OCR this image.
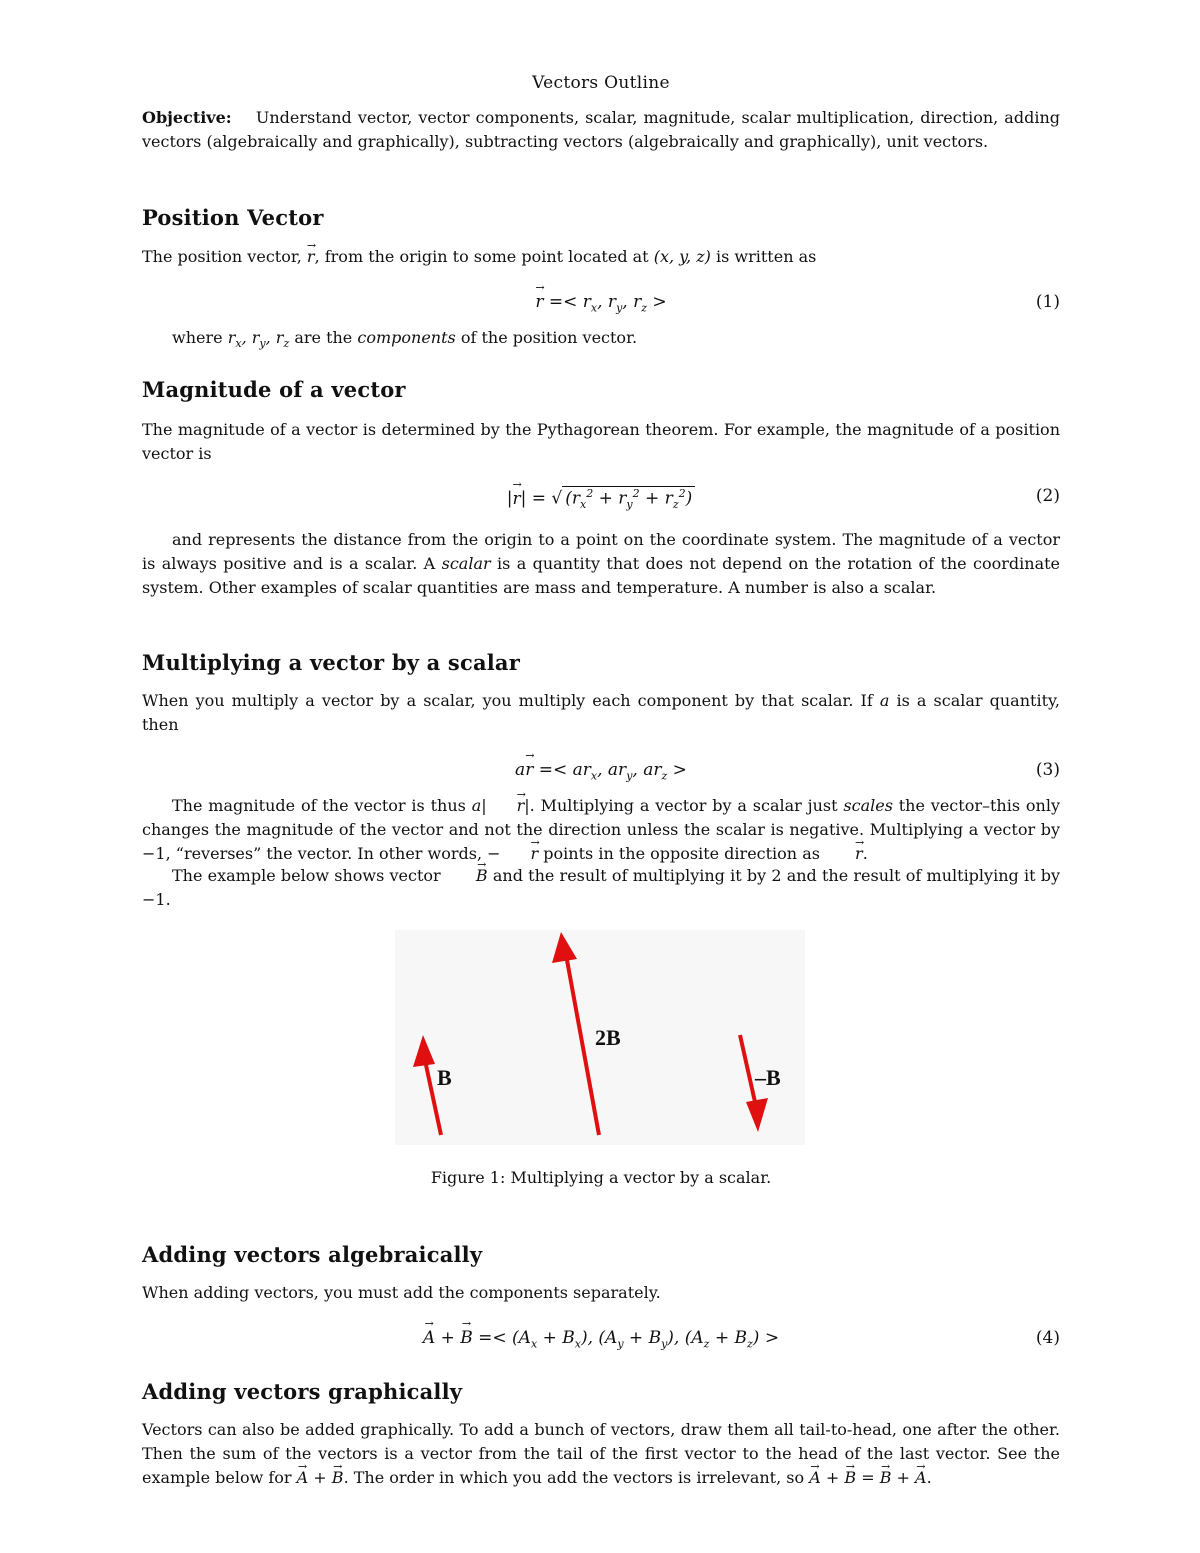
Vectors Outline
Objective: Understand vector, vector components, scalar, magnitude, scalar multiplication, direction, adding vectors (algebraically and graphically), subtracting vectors (algebraically and graphically), unit vectors.
Position Vector
The position vector, → r, from the origin to some point located at (x, y, z) is written as
→ $r =< r_x$, $r_y$, $r_z$ >	(1)
where $r_x$, $r_y$, $r_z$ are the components of the position vector.
Magnitude of a vector
The magnitude of a vector is determined by the Pythagorean theorem. For example, the magnitude of a position vector is
|→ r| = √ $(r_x^2 + r_y^2 + r_z^2)$	(2)
and represents the distance from the origin to a point on the coordinate system. The magnitude of a vector is always positive and is a scalar. A scalar is a quantity that does not depend on the rotation of the coordinate system. Other examples of scalar quantities are mass and temperature. A number is also a scalar.
Multiplying a vector by a scalar
When you multiply a vector by a scalar, you multiply each component by that scalar. If a is a scalar quantity, then
$a\to r =< ar_x$, $ar_y$, $ar_z$ >	(3)
The magnitude of the vector is thus a| → r|. Multiplying a vector by a scalar just scales the vector–this only changes the magnitude of the vector and not the direction unless the scalar is negative. Multiplying a vector by −1, “reverses” the vector. In other words, − → r points in the opposite direction as → r.
The example below shows vector → B and the result of multiplying it by 2 and the result of multiplying it by −1.
B
2B
–B
Figure 1: Multiplying a vector by a scalar.
Adding vectors algebraically
When adding vectors, you must add the components separately.
→ A + → $B =< (A_x + B_x)$, $(A_y + B_y)$, $(A_z + B_z)$ >	(4)
Adding vectors graphically
Vectors can also be added graphically. To add a bunch of vectors, draw them all tail-to-head, one after the other. Then the sum of the vectors is a vector from the tail of the first vector to the head of the last vector. See the example below for → A + → B. The order in which you add the vectors is irrelevant, so → A + → B = → B + → A.
